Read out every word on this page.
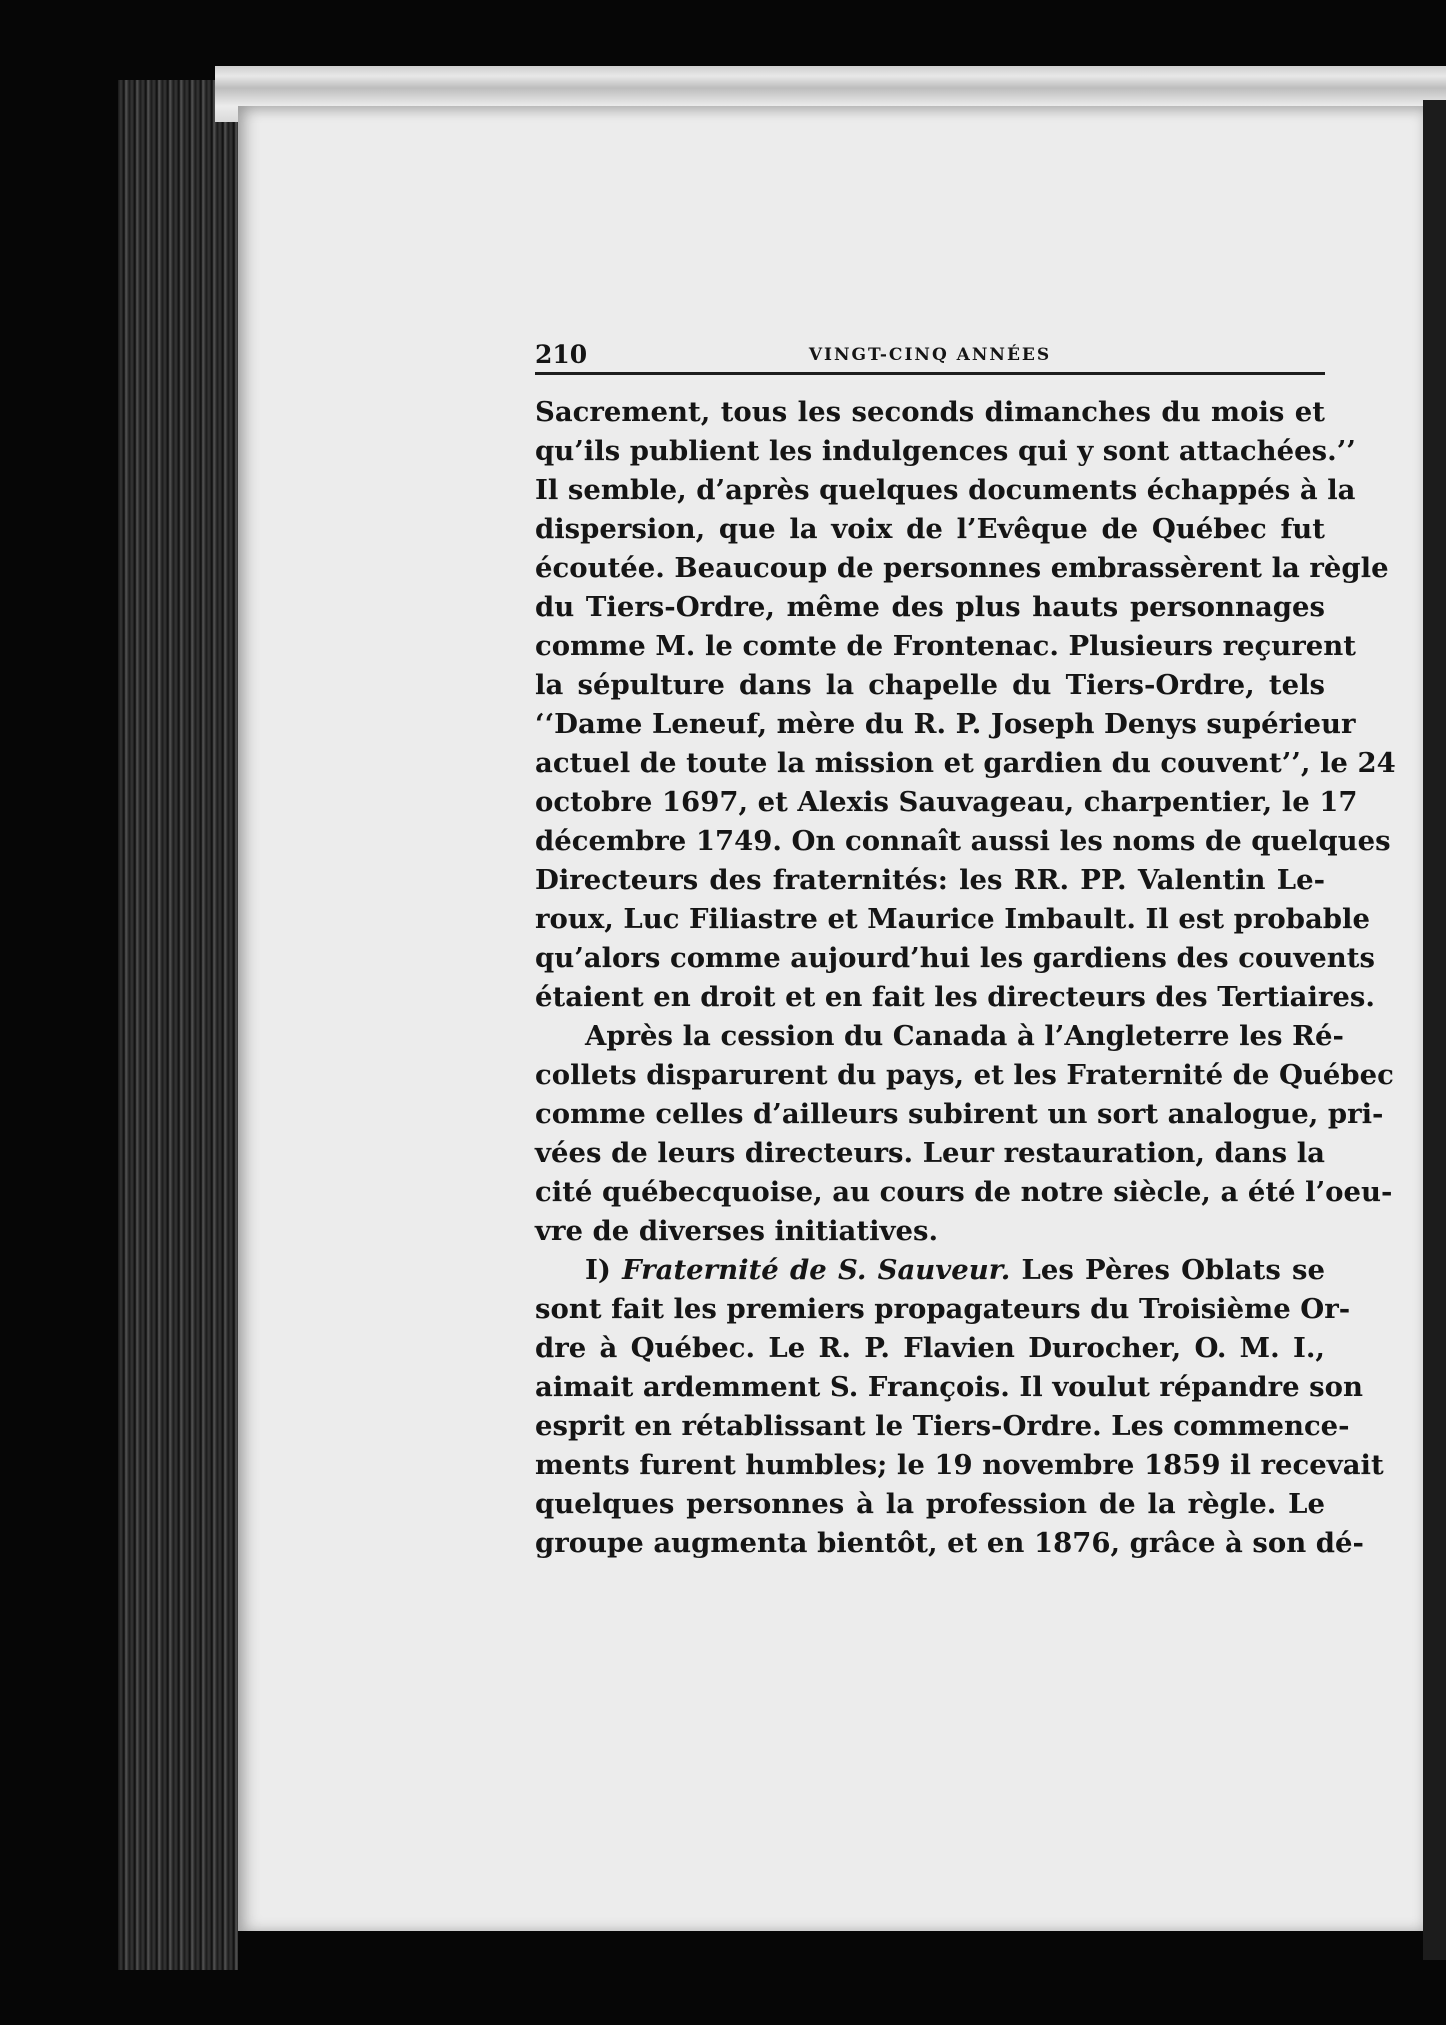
210	VINGT-CINQ ANNÉES
Sacrement, tous les seconds dimanches du mois et
qu’ils publient les indulgences qui y sont attachées.’’
Il semble, d’après quelques documents échappés à la
dispersion, que la voix de l’Evêque de Québec fut
écoutée. Beaucoup de personnes embrassèrent la règle
du Tiers-Ordre, même des plus hauts personnages
comme M. le comte de Frontenac. Plusieurs reçurent
la sépulture dans la chapelle du Tiers-Ordre, tels
‘‘Dame Leneuf, mère du R. P. Joseph Denys supérieur
actuel de toute la mission et gardien du couvent’’, le 24
octobre 1697, et Alexis Sauvageau, charpentier, le 17
décembre 1749. On connaît aussi les noms de quelques
Directeurs des fraternités: les RR. PP. Valentin Le-
roux, Luc Filiastre et Maurice Imbault. Il est probable
qu’alors comme aujourd’hui les gardiens des couvents
étaient en droit et en fait les directeurs des Tertiaires.
Après la cession du Canada à l’Angleterre les Ré-
collets disparurent du pays, et les Fraternité de Québec
comme celles d’ailleurs subirent un sort analogue, pri-
vées de leurs directeurs. Leur restauration, dans la
cité québecquoise, au cours de notre siècle, a été l’oeu-
vre de diverses initiatives.
I) Fraternité de S. Sauveur. Les Pères Oblats se
sont fait les premiers propagateurs du Troisième Or-
dre à Québec. Le R. P. Flavien Durocher, O. M. I.,
aimait ardemment S. François. Il voulut répandre son
esprit en rétablissant le Tiers-Ordre. Les commence-
ments furent humbles; le 19 novembre 1859 il recevait
quelques personnes à la profession de la règle. Le
groupe augmenta bientôt, et en 1876, grâce à son dé-
